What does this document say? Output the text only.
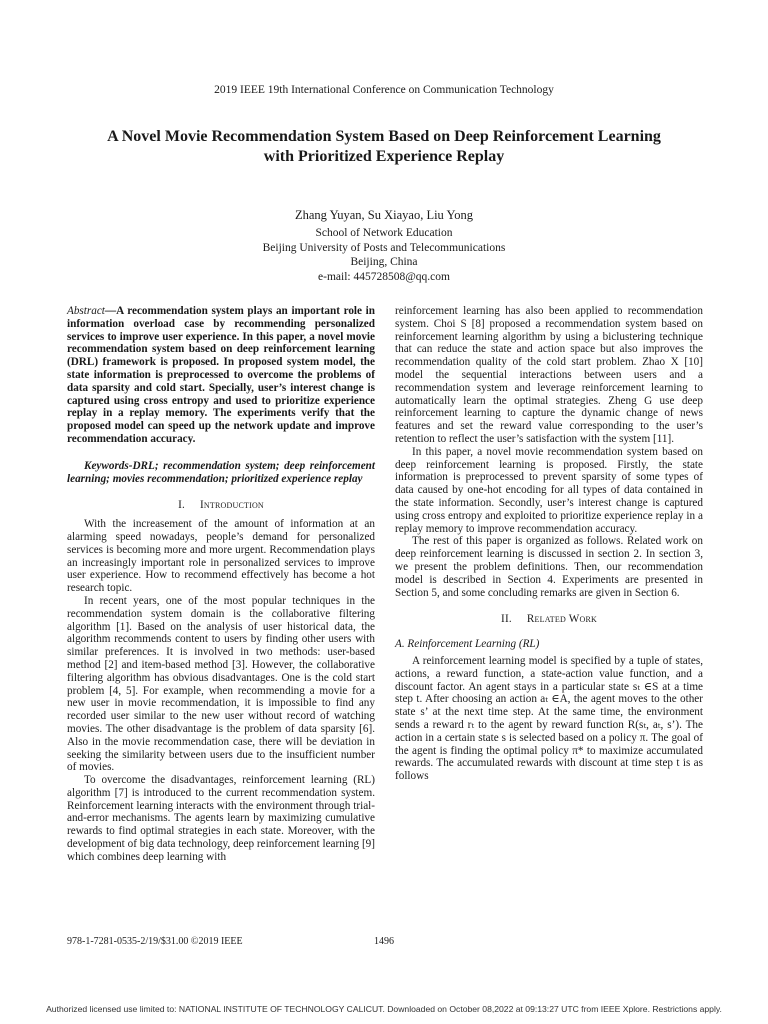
2019 IEEE 19th International Conference on Communication Technology
A Novel Movie Recommendation System Based on Deep Reinforcement Learning
with Prioritized Experience Replay
Zhang Yuyan, Su Xiayao, Liu Yong
School of Network Education
Beijing University of Posts and Telecommunications
Beijing, China
e-mail: 445728508@qq.com

Abstract—A recommendation system plays an important role in information overload case by recommending personalized services to improve user experience. In this paper, a novel movie recommendation system based on deep reinforcement learning (DRL) framework is proposed. In proposed system model, the state information is preprocessed to overcome the problems of data sparsity and cold start. Specially, user’s interest change is captured using cross entropy and used to prioritize experience replay in a replay memory. The experiments verify that the proposed model can speed up the network update and improve recommendation accuracy.

Keywords-DRL; recommendation system; deep reinforcement learning; movies recommendation; prioritized experience replay

I. Introduction

With the increasement of the amount of information at an alarming speed nowadays, people’s demand for personalized services is becoming more and more urgent. Recommendation plays an increasingly important role in personalized services to improve user experience. How to recommend effectively has become a hot research topic.

In recent years, one of the most popular techniques in the recommendation system domain is the collaborative filtering algorithm [1]. Based on the analysis of user historical data, the algorithm recommends content to users by finding other users with similar preferences. It is involved in two methods: user-based method [2] and item-based method [3]. However, the collaborative filtering algorithm has obvious disadvantages. One is the cold start problem [4, 5]. For example, when recommending a movie for a new user in movie recommendation, it is impossible to find any recorded user similar to the new user without record of watching movies. The other disadvantage is the problem of data sparsity [6]. Also in the movie recommendation case, there will be deviation in seeking the similarity between users due to the insufficient number of movies.

To overcome the disadvantages, reinforcement learning (RL) algorithm [7] is introduced to the current recommendation system. Reinforcement learning interacts with the environment through trial-and-error mechanisms. The agents learn by maximizing cumulative rewards to find optimal strategies in each state. Moreover, with the development of big data technology, deep reinforcement learning [9] which combines deep learning with

reinforcement learning has also been applied to recommendation system. Choi S [8] proposed a recommendation system based on reinforcement learning algorithm by using a biclustering technique that can reduce the state and action space but also improves the recommendation quality of the cold start problem. Zhao X [10] model the sequential interactions between users and a recommendation system and leverage reinforcement learning to automatically learn the optimal strategies. Zheng G use deep reinforcement learning to capture the dynamic change of news features and set the reward value corresponding to the user’s retention to reflect the user’s satisfaction with the system [11].

In this paper, a novel movie recommendation system based on deep reinforcement learning is proposed. Firstly, the state information is preprocessed to prevent sparsity of some types of data caused by one-hot encoding for all types of data contained in the state information. Secondly, user’s interest change is captured using cross entropy and exploited to prioritize experience replay in a replay memory to improve recommendation accuracy.

The rest of this paper is organized as follows. Related work on deep reinforcement learning is discussed in section 2. In section 3, we present the problem definitions. Then, our recommendation model is described in Section 4. Experiments are presented in Section 5, and some concluding remarks are given in Section 6.

II. Related Work
A. Reinforcement Learning (RL)

A reinforcement learning model is specified by a tuple of states, actions, a reward function, a state-action value function, and a discount factor. An agent stays in a particular state sₜ ∈S at a time step t. After choosing an action aₜ ∈A, the agent moves to the other state s’ at the next time step. At the same time, the environment sends a reward rₜ to the agent by reward function R(sₜ, aₜ, s’). The action in a certain state s is selected based on a policy π. The goal of the agent is finding the optimal policy π* to maximize accumulated rewards. The accumulated rewards with discount at time step t is as follows

978-1-7281-0535-2/19/$31.00 ©2019 IEEE	1496
Authorized licensed use limited to: NATIONAL INSTITUTE OF TECHNOLOGY CALICUT. Downloaded on October 08,2022 at 09:13:27 UTC from IEEE Xplore. Restrictions apply.
